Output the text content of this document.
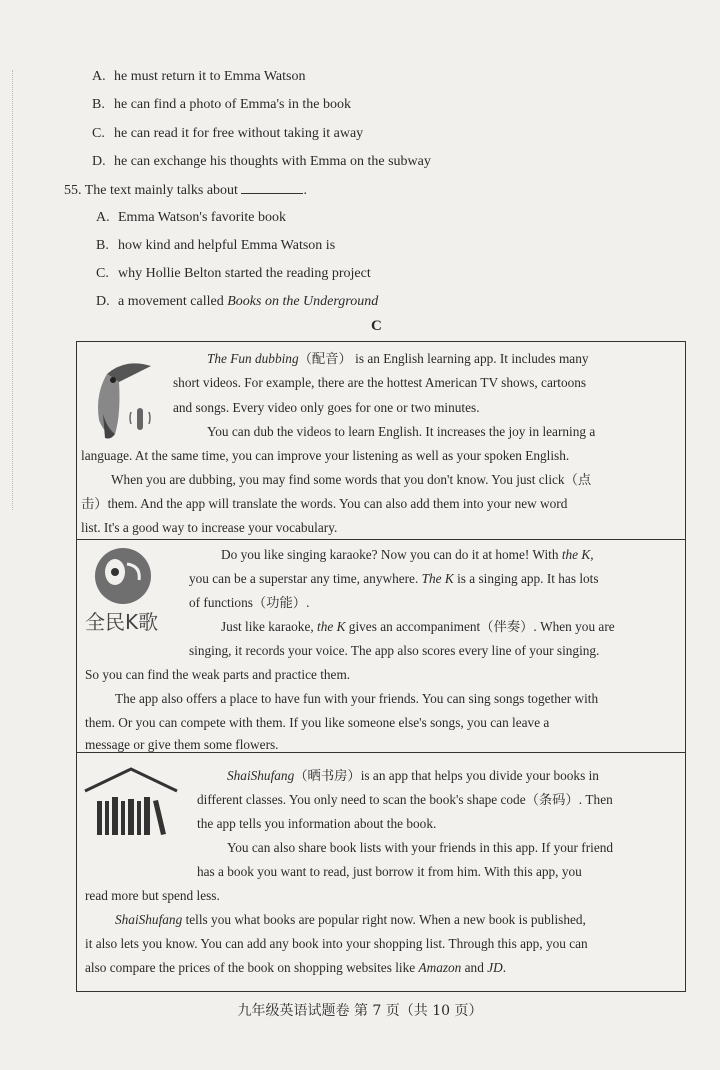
A. he must return it to Emma Watson
B. he can find a photo of Emma's in the book
C. he can read it for free without taking it away
D. he can exchange his thoughts with Emma on the subway
55. The text mainly talks about	.
A. Emma Watson's favorite book
B. how kind and helpful Emma Watson is
C. why Hollie Belton started the reading project
D. a movement called Books on the Underground
C
The Fun dubbing（配音） is an English learning app. It includes many
short videos. For example, there are the hottest American TV shows, cartoons
and songs. Every video only goes for one or two minutes.
You can dub the videos to learn English. It increases the joy in learning a
language. At the same time, you can improve your listening as well as your spoken English.
When you are dubbing, you may find some words that you don't know. You just click（点
击）them. And the app will translate the words. You can also add them into your new word
list. It's a good way to increase your vocabulary.
全民K歌
Do you like singing karaoke? Now you can do it at home! With the K,
you can be a superstar any time, anywhere. The K is a singing app. It has lots
of functions（功能）.
Just like karaoke, the K gives an accompaniment（伴奏）. When you are
singing, it records your voice. The app also scores every line of your singing.
So you can find the weak parts and practice them.
The app also offers a place to have fun with your friends. You can sing songs together with
them. Or you can compete with them. If you like someone else's songs, you can leave a
message or give them some flowers.
ShaiShufang（晒书房）is an app that helps you divide your books in
different classes. You only need to scan the book's shape code（条码）. Then
the app tells you information about the book.
You can also share book lists with your friends in this app. If your friend
has a book you want to read, just borrow it from him. With this app, you
read more but spend less.
ShaiShufang tells you what books are popular right now. When a new book is published,
it also lets you know. You can add any book into your shopping list. Through this app, you can
also compare the prices of the book on shopping websites like Amazon and JD.
九年级英语试题卷 第 7 页（共 10 页）
